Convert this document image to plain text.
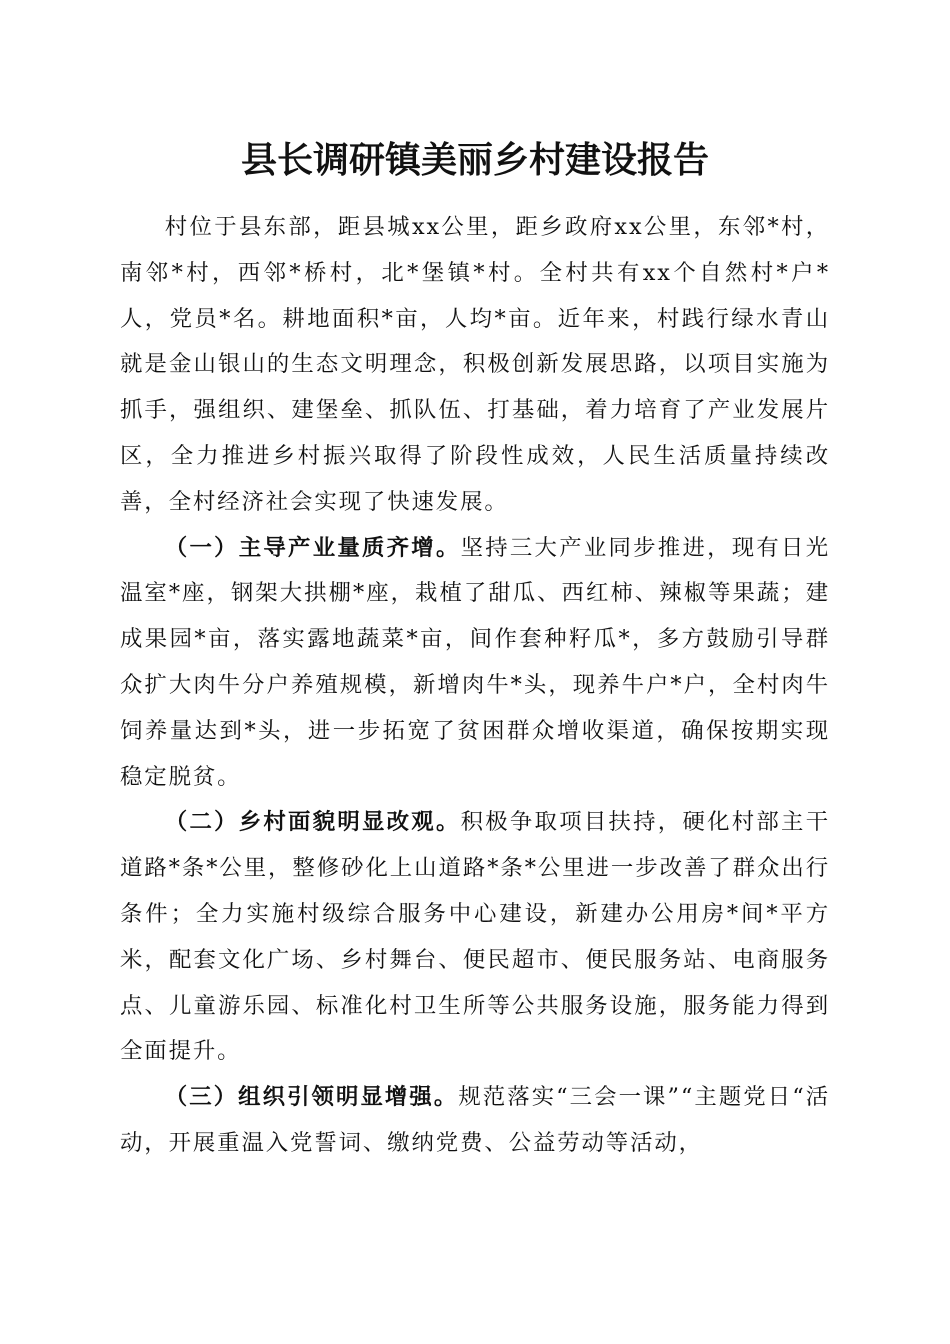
县长调研镇美丽乡村建设报告

村位于县东部，距县城xx公里，距乡政府xx公里，东邻*村，南邻*村，西邻*桥村，北*堡镇*村。全村共有xx个自然村*户*人，党员*名。耕地面积*亩，人均*亩。近年来，村践行绿水青山就是金山银山的生态文明理念，积极创新发展思路，以项目实施为抓手，强组织、建堡垒、抓队伍、打基础，着力培育了产业发展片区，全力推进乡村振兴取得了阶段性成效，人民生活质量持续改善，全村经济社会实现了快速发展。

（一）主导产业量质齐增。坚持三大产业同步推进，现有日光温室*座，钢架大拱棚*座，栽植了甜瓜、西红柿、辣椒等果蔬；建成果园*亩，落实露地蔬菜*亩，间作套种籽瓜*，多方鼓励引导群众扩大肉牛分户养殖规模，新增肉牛*头，现养牛户*户，全村肉牛饲养量达到*头，进一步拓宽了贫困群众增收渠道，确保按期实现稳定脱贫。

（二）乡村面貌明显改观。积极争取项目扶持，硬化村部主干道路*条*公里，整修砂化上山道路*条*公里进一步改善了群众出行条件；全力实施村级综合服务中心建设，新建办公用房*间*平方米，配套文化广场、乡村舞台、便民超市、便民服务站、电商服务点、儿童游乐园、标准化村卫生所等公共服务设施，服务能力得到全面提升。

（三）组织引领明显增强。规范落实“三会一课”“主题党日“活动，开展重温入党誓词、缴纳党费、公益劳动等活动，
